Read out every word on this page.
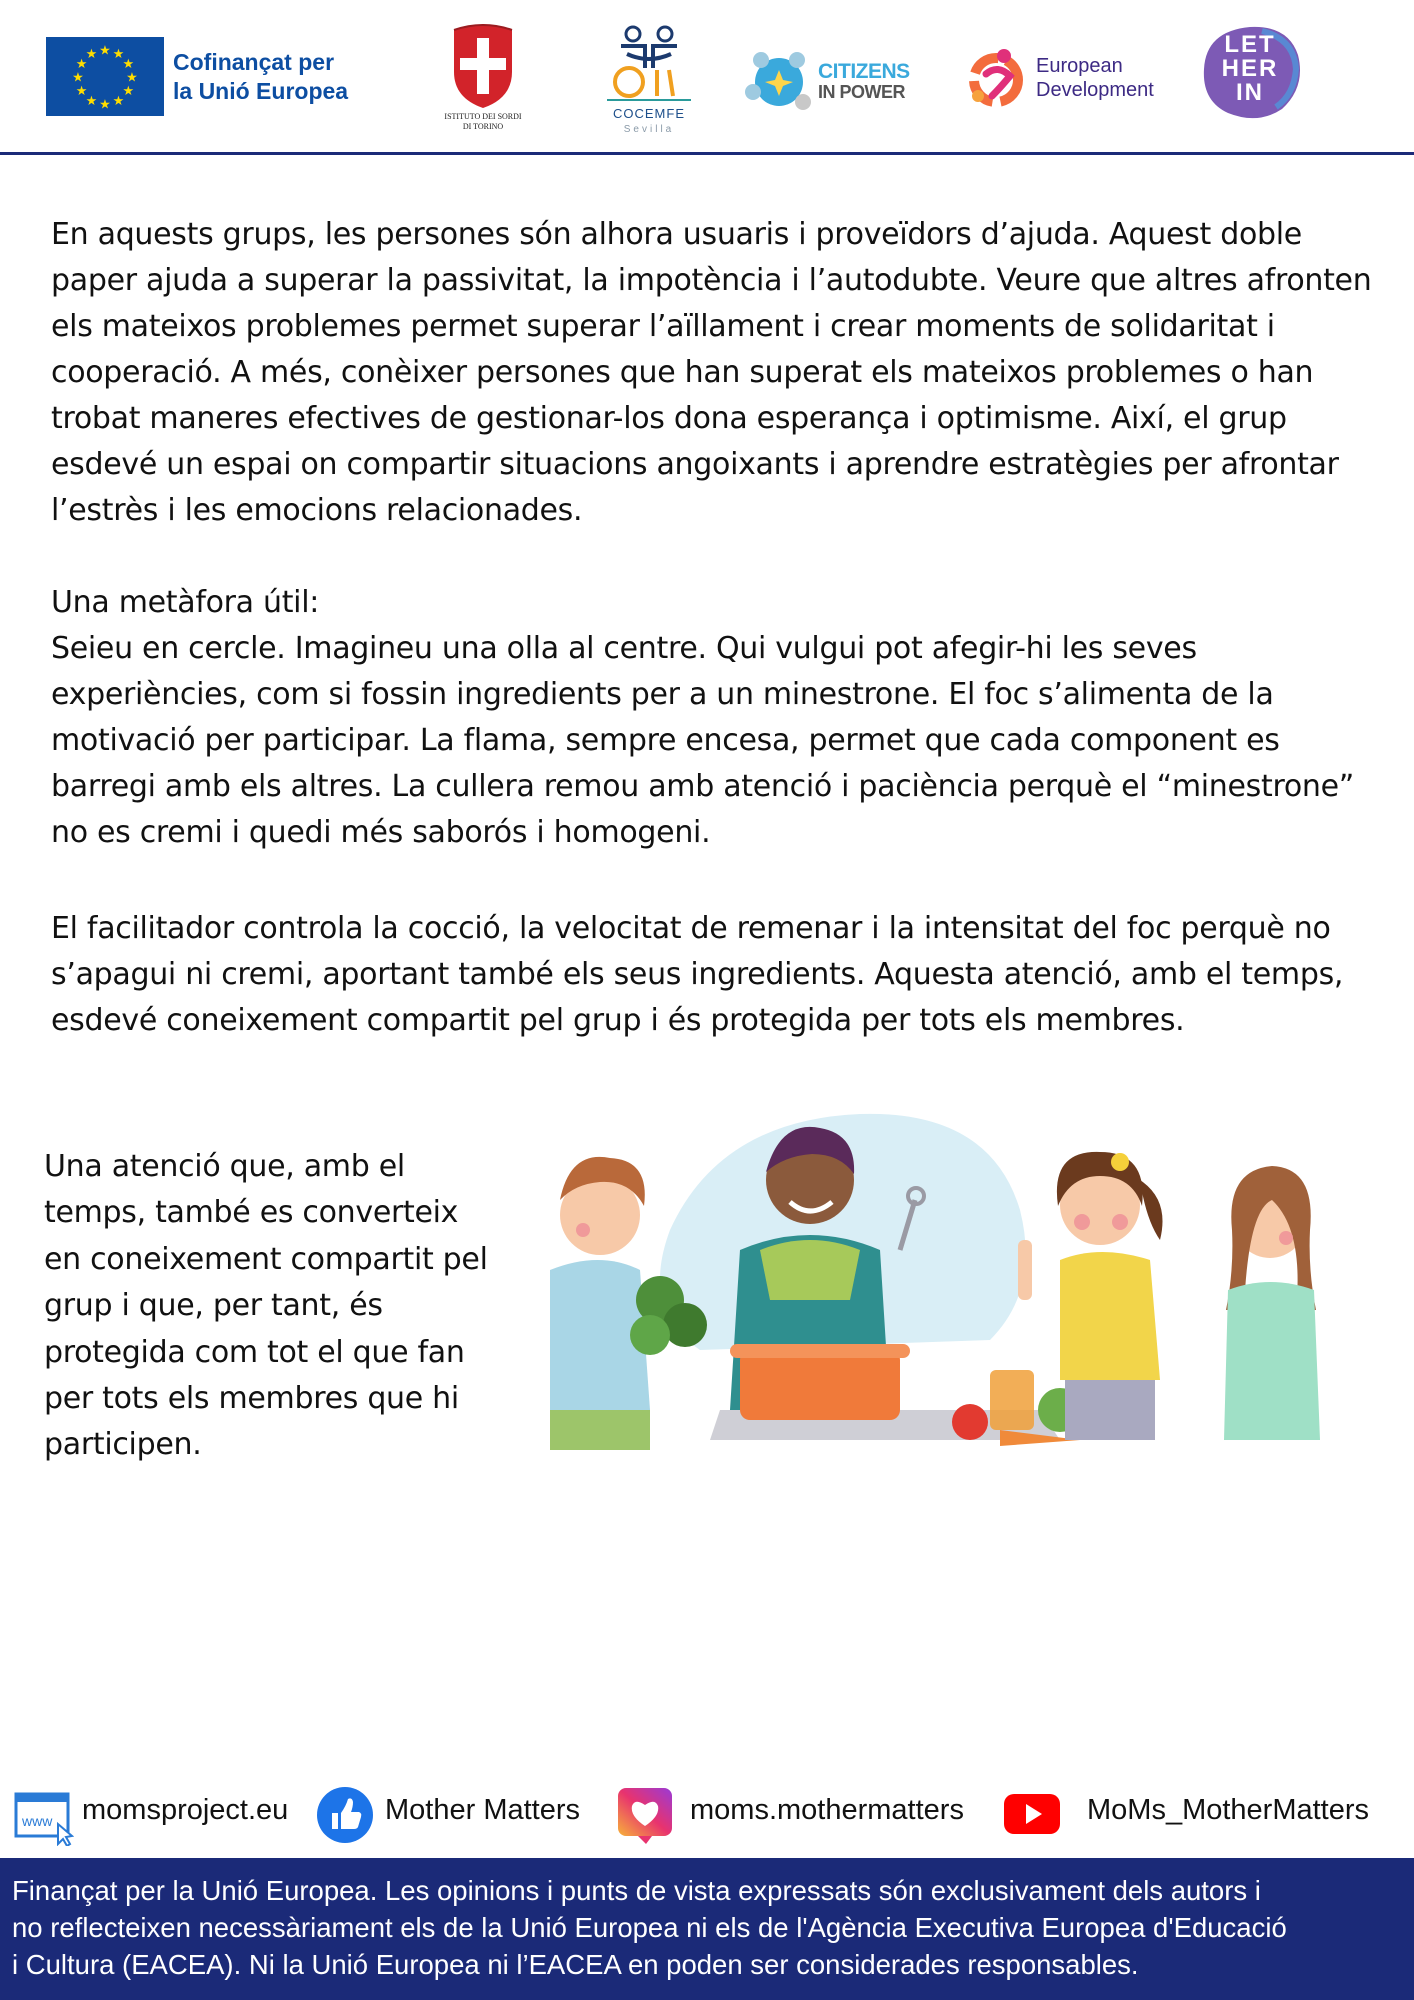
★ ★
★
★
★
★
★
★
★
★
★
★	Cofinançat per
la Unió Europea
ISTITUTO DEI SORDI
DI TORINO
COCEMFE
Sevilla
CITIZENS
IN POWER
European
Development
LET
HER
IN

En aquests grups, les persones són alhora usuaris i proveïdors d’ajuda. Aquest doble paper ajuda a superar la passivitat, la impotència i l’autodubte. Veure que altres afronten els mateixos problemes permet superar l’aïllament i crear moments de solidaritat i cooperació. A més, conèixer persones que han superat els mateixos problemes o han trobat maneres efectives de gestionar-los dona esperança i optimisme. Així, el grup esdevé un espai on compartir situacions angoixants i aprendre estratègies per afrontar l’estrès i les emocions relacionades.

Una metàfora útil:

Seieu en cercle. Imagineu una olla al centre. Qui vulgui pot afegir-hi les seves experiències, com si fossin ingredients per a un minestrone. El foc s’alimenta de la motivació per participar. La flama, sempre encesa, permet que cada component es barregi amb els altres. La cullera remou amb atenció i paciència perquè el “minestrone” no es cremi i quedi més saborós i homogeni.

El facilitador controla la cocció, la velocitat de remenar i la intensitat del foc perquè no s’apagui ni cremi, aportant també els seus ingredients. Aquesta atenció, amb el temps, esdevé coneixement compartit pel grup i és protegida per tots els membres.

Una atenció que, amb el temps, també es converteix en coneixement compartit pel grup i que, per tant, és protegida com tot el que fan per tots els membres que hi participen.

www momsproject.eu	Mother Matters	moms.mothermatters	MoMs_MotherMatters
Finançat per la Unió Europea. Les opinions i punts de vista expressats són exclusivament dels autors i
no reflecteixen necessàriament els de la Unió Europea ni els de l'Agència Executiva Europea d'Educació
i Cultura (EACEA). Ni la Unió Europea ni l’EACEA en poden ser considerades responsables.
